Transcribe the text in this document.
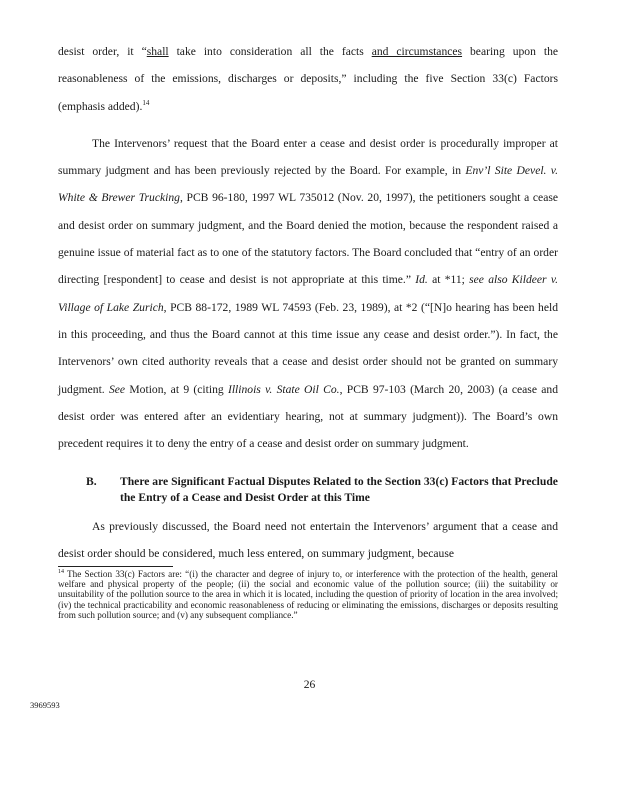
desist order, it “shall take into consideration all the facts and circumstances bearing upon the reasonableness of the emissions, discharges or deposits,” including the five Section 33(c) Factors (emphasis added).$^{14}$

The Intervenors’ request that the Board enter a cease and desist order is procedurally improper at summary judgment and has been previously rejected by the Board. For example, in Env’l Site Devel. v. White & Brewer Trucking, PCB 96-180, 1997 WL 735012 (Nov. 20, 1997), the petitioners sought a cease and desist order on summary judgment, and the Board denied the motion, because the respondent raised a genuine issue of material fact as to one of the statutory factors. The Board concluded that “entry of an order directing [respondent] to cease and desist is not appropriate at this time.” Id. at *11; see also Kildeer v. Village of Lake Zurich, PCB 88-172, 1989 WL 74593 (Feb. 23, 1989), at *2 (“[N]o hearing has been held in this proceeding, and thus the Board cannot at this time issue any cease and desist order.”). In fact, the Intervenors’ own cited authority reveals that a cease and desist order should not be granted on summary judgment. See Motion, at 9 (citing Illinois v. State Oil Co., PCB 97-103 (March 20, 2003) (a cease and desist order was entered after an evidentiary hearing, not at summary judgment)). The Board’s own precedent requires it to deny the entry of a cease and desist order on summary judgment.

B. There are Significant Factual Disputes Related to the Section 33(c) Factors that Preclude the Entry of a Cease and Desist Order at this Time

As previously discussed, the Board need not entertain the Intervenors’ argument that a cease and desist order should be considered, much less entered, on summary judgment, because

$^{14}$ The Section 33(c) Factors are: “(i) the character and degree of injury to, or interference with the protection of the health, general welfare and physical property of the people; (ii) the social and economic value of the pollution source; (iii) the suitability or unsuitability of the pollution source to the area in which it is located, including the question of priority of location in the area involved; (iv) the technical practicability and economic reasonableness of reducing or eliminating the emissions, discharges or deposits resulting from such pollution source; and (v) any subsequent compliance.”
26
3969593
